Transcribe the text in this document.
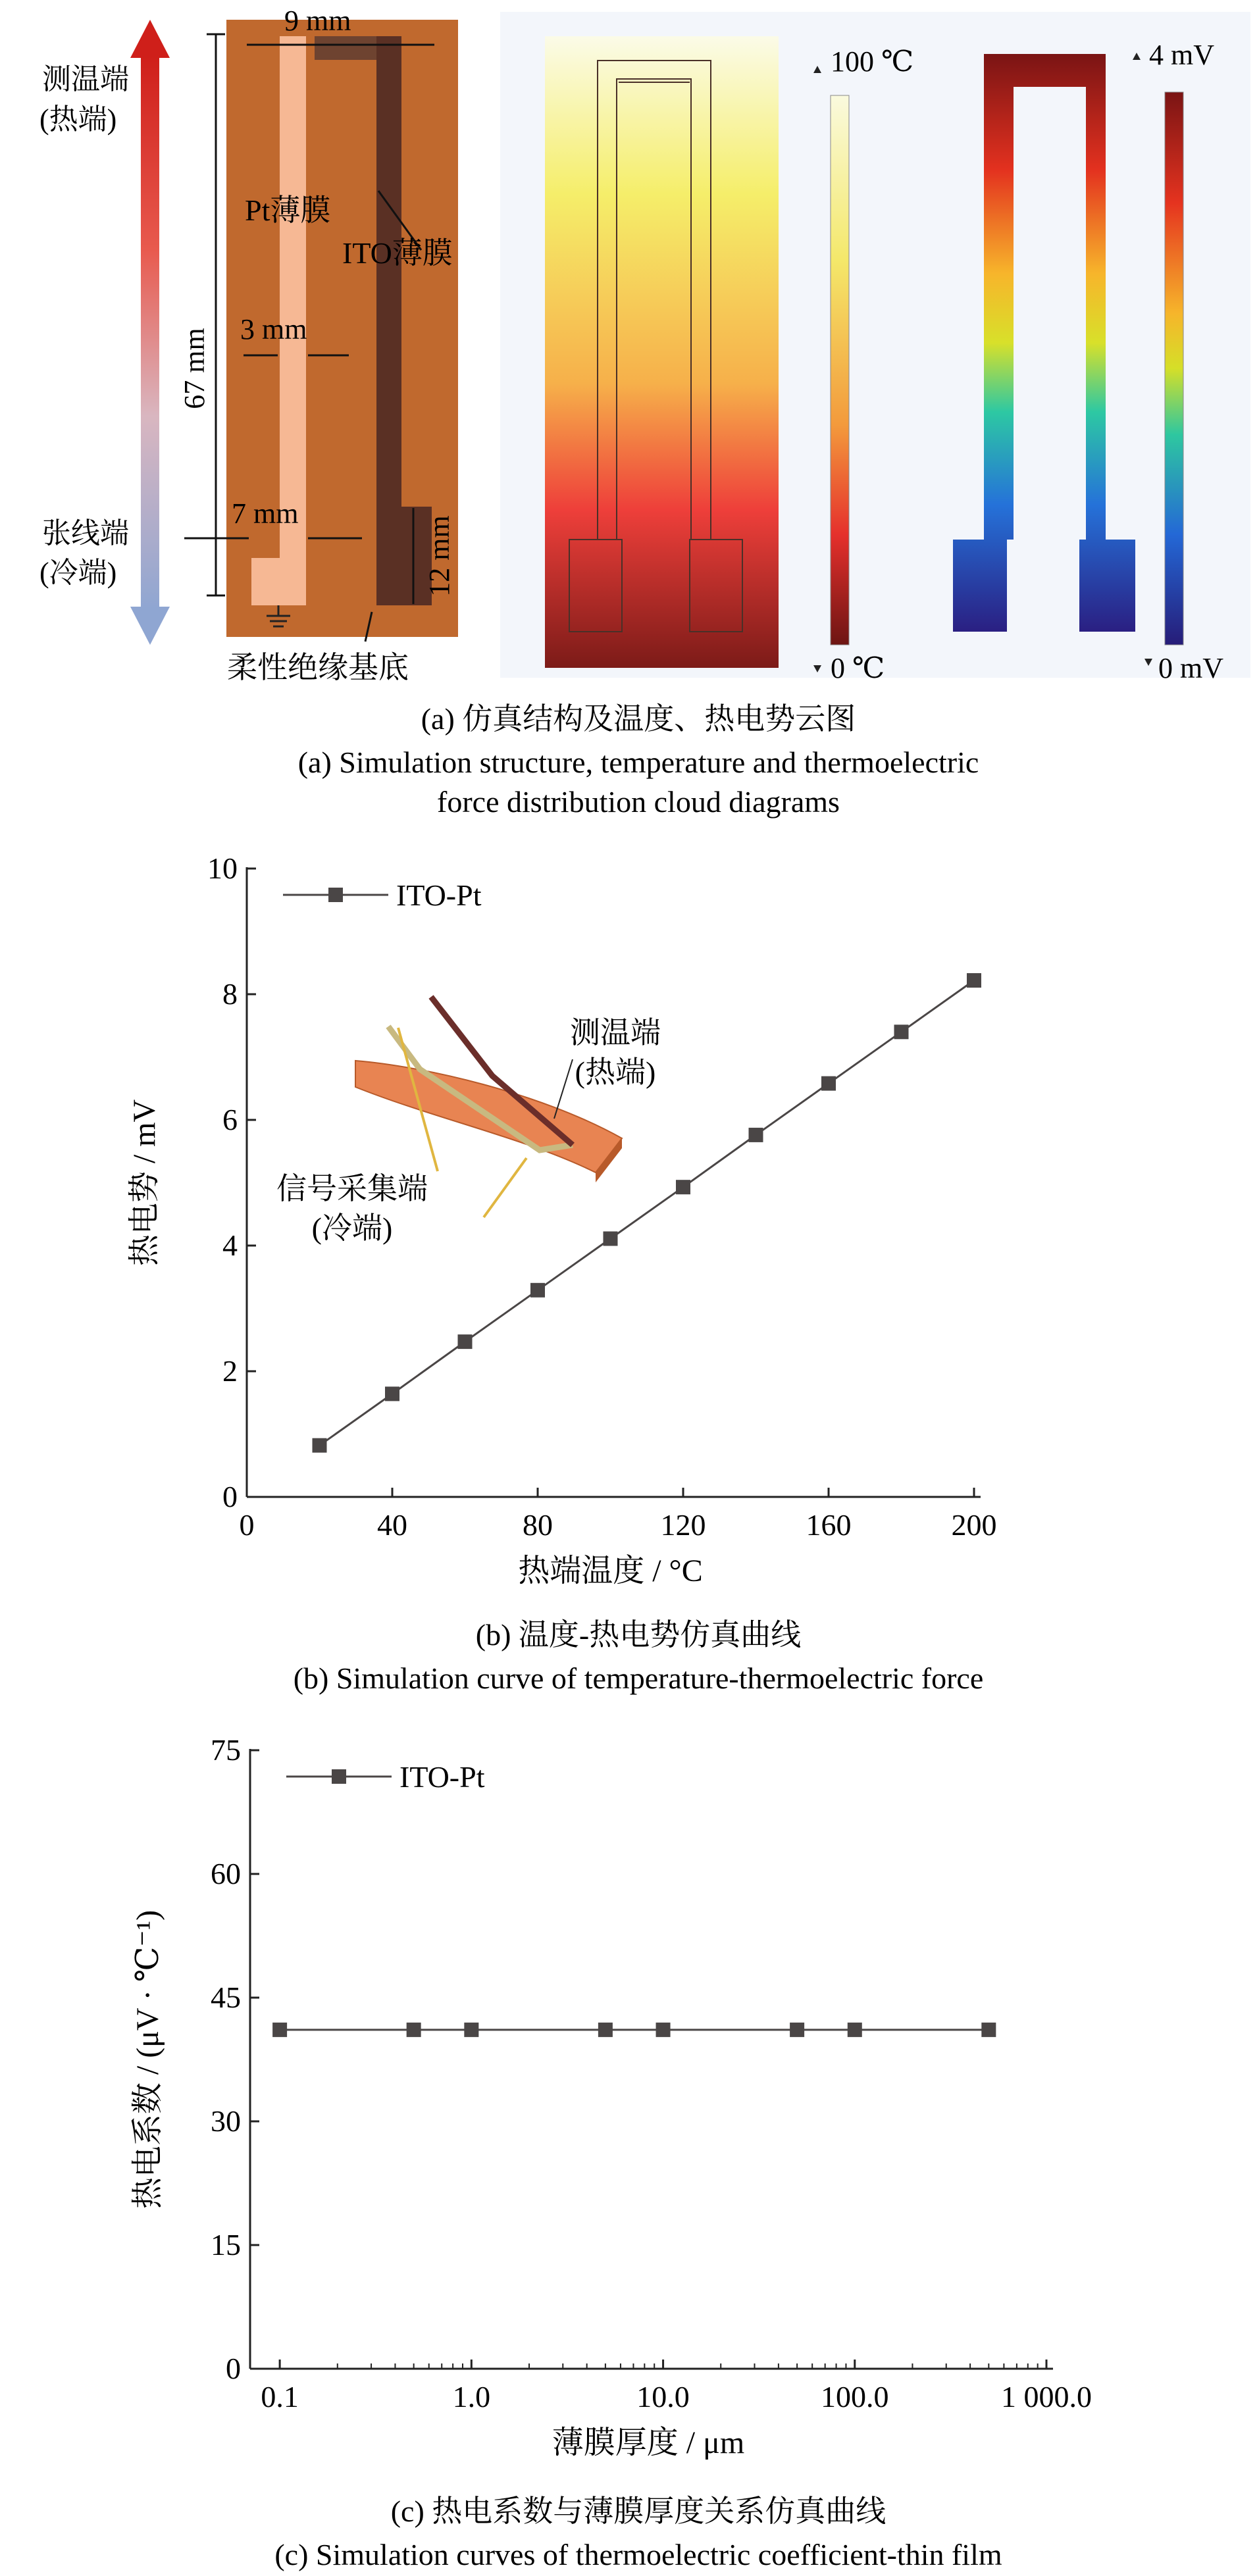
测温端
(热端)
张线端
(冷端)
9 mm
67 mm 3 mm
7 mm
12 mm
Pt薄膜
ITO薄膜
柔性绝缘基底
100 ℃
0 ℃
4 mV
0 mV
(a) 仿真结构及温度、热电势云图
(a) Simulation structure, temperature and thermoelectric
force distribution cloud diagrams
0
2
4
6
8
10
0	40	80	120	160	200
热端温度 / °C
热电势 / mV
ITO-Pt
测温端
(热端)
信号采集端
(冷端)
(b) 温度-热电势仿真曲线
(b) Simulation curve of temperature-thermoelectric force
0
15
30
45
60
75
0.1	1.0	10.0	100.0	1 000.0
薄膜厚度 / μm
热电系数 / (μV · ℃⁻¹)
ITO-Pt
(c) 热电系数与薄膜厚度关系仿真曲线
(c) Simulation curves of thermoelectric coefficient-thin film
